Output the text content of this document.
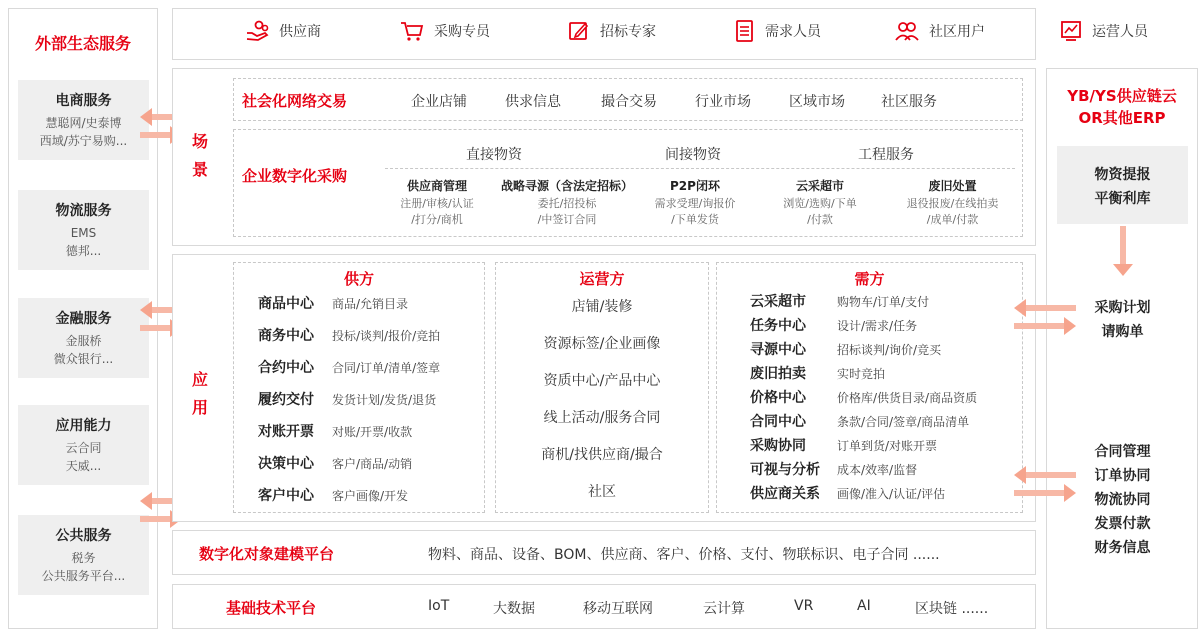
外部生态服务
电商服务
慧聪网/史泰博
西域/苏宁易购...
物流服务
EMS
德邦...
金融服务
金服桥
微众银行...
应用能力
云合同
天威...
公共服务
税务
公共服务平台...
供应商	采购专员	招标专家	需求人员	社区用户	运营人员
场
景
社会化网络交易	企业店铺	供求信息	撮合交易	行业市场	区域市场	社区服务
企业数字化采购
直接物资	间接物资	工程服务
供应商管理
注册/审核/认证
/打分/商机
战略寻源（含法定招标）
委托/招投标
/中签订合同
P2P闭环
需求受理/询报价
/下单发货
云采超市
浏览/选购/下单
/付款
废旧处置
退役报废/在线拍卖
/成单/付款
应
用
供方
商品中心 商品/允销目录
商务中心 投标/谈判/报价/竞拍
合约中心 合同/订单/清单/签章
履约交付 发货计划/发货/退货
对账开票 对账/开票/收款
决策中心 客户/商品/动销
客户中心 客户画像/开发
运营方
店铺/装修
资源标签/企业画像
资质中心/产品中心
线上活动/服务合同
商机/找供应商/撮合
社区
需方
云采超市	购物车/订单/支付
任务中心	设计/需求/任务
寻源中心	招标谈判/询价/竞买
废旧拍卖	实时竞拍
价格中心	价格库/供货目录/商品资质
合同中心	条款/合同/签章/商品清单
采购协同	订单到货/对账开票
可视与分析 成本/效率/监督
供应商关系 画像/准入/认证/评估
数字化对象建模平台	物料、商品、设备、BOM、供应商、客户、价格、支付、物联标识、电子合同 ......
基础技术平台	IoT	大数据	移动互联网	云计算	VR	AI	区块链 ......
YB/YS供应链云
OR其他ERP
物资提报
平衡利库
采购计划
请购单
合同管理
订单协同
物流协同
发票付款
财务信息
